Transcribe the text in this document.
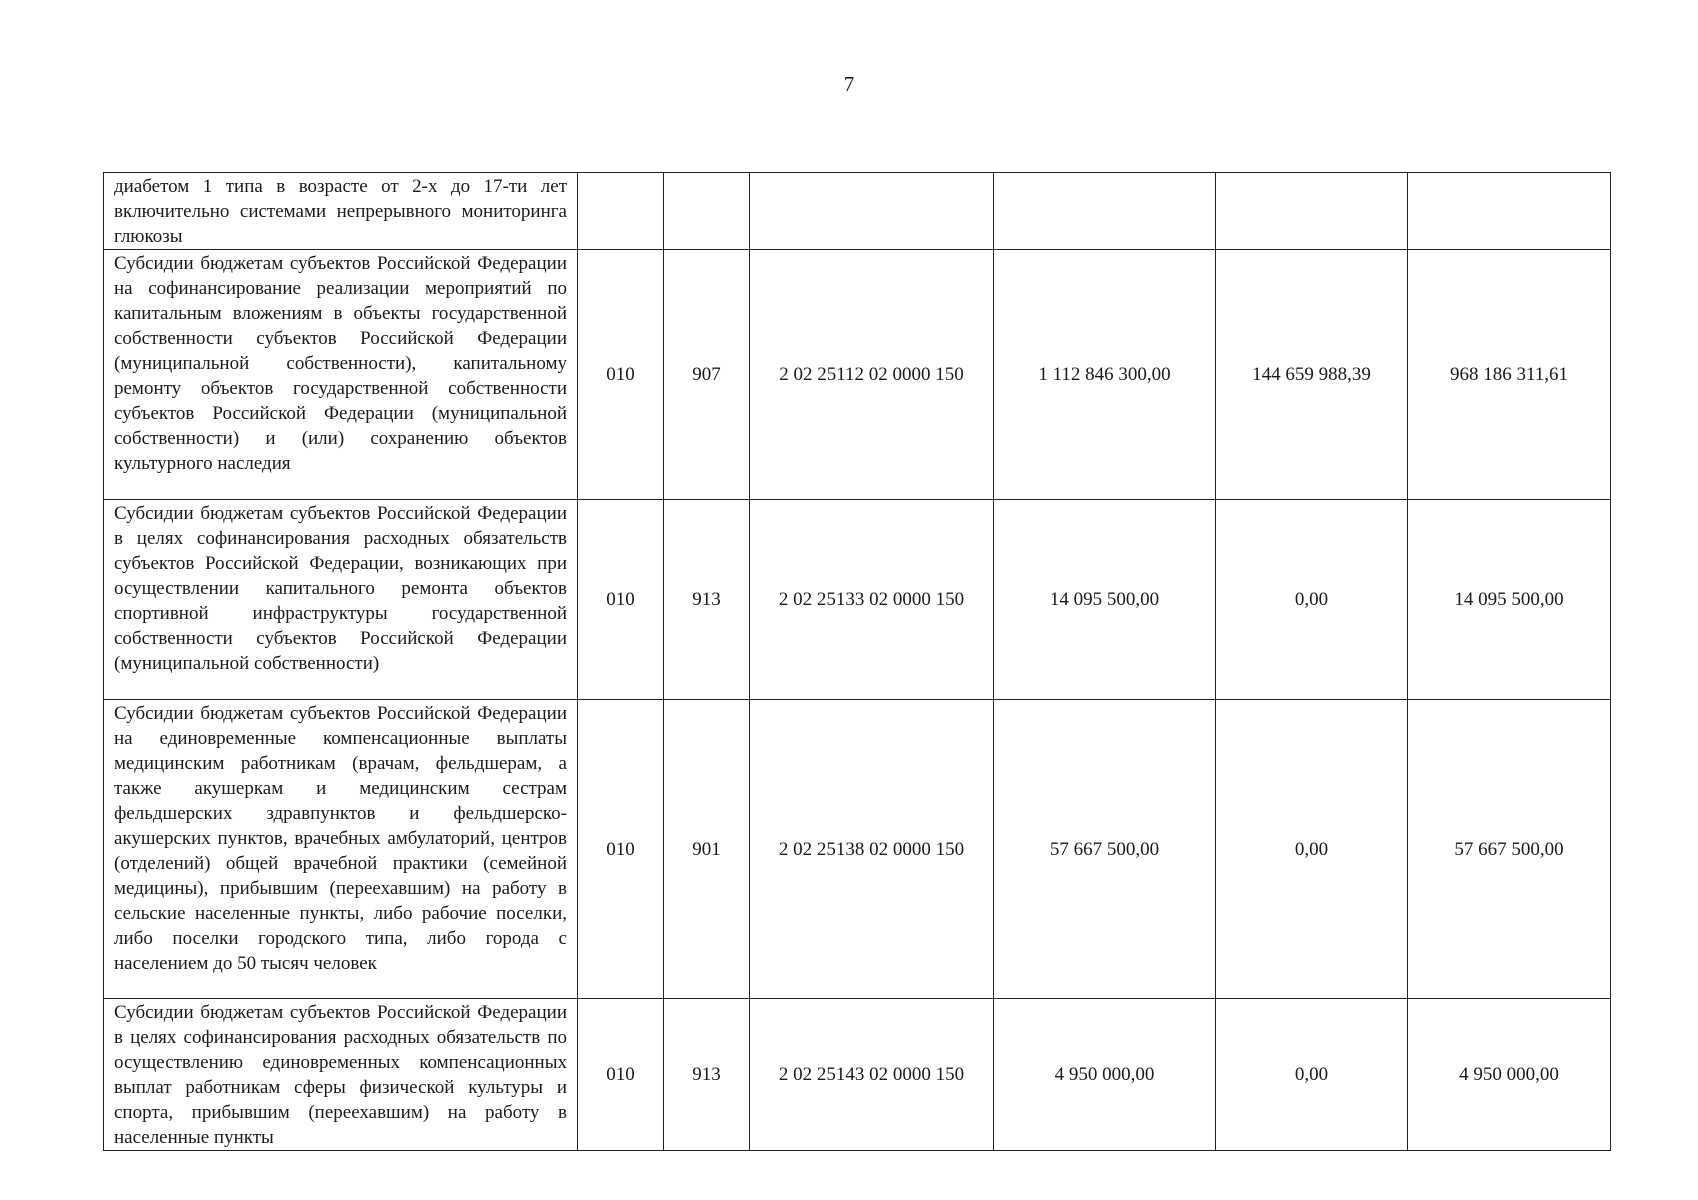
7
диабетом 1 типа в возрасте от 2-х до 17-ти лет включительно системами непрерывного мониторинга глюкозы						
Субсидии бюджетам субъектов Российской Федерации на софинансирование реализации мероприятий по капитальным вложениям в объекты государственной собственности субъектов Российской Федерации (муниципальной собственности), капитальному ремонту объектов государственной собственности субъектов Российской Федерации (муниципальной собственности) и (или) сохранению объектов культурного наследия	010	907	2 02 25112 02 0000 150	1 112 846 300,00	144 659 988,39	968 186 311,61
Субсидии бюджетам субъектов Российской Федерации в целях софинансирования расходных обязательств субъектов Российской Федерации, возникающих при осуществлении капитального ремонта объектов спортивной инфраструктуры государственной собственности субъектов Российской Федерации (муниципальной собственности)	010	913	2 02 25133 02 0000 150	14 095 500,00	0,00	14 095 500,00
Субсидии бюджетам субъектов Российской Федерации на единовременные компенсационные выплаты медицинским работникам (врачам, фельдшерам, а также акушеркам и медицинским сестрам фельдшерских здравпунктов и фельдшерско-акушерских пунктов, врачебных амбулаторий, центров (отделений) общей врачебной практики (семейной медицины), прибывшим (переехавшим) на работу в сельские населенные пункты, либо рабочие поселки, либо поселки городского типа, либо города с населением до 50 тысяч человек	010	901	2 02 25138 02 0000 150	57 667 500,00	0,00	57 667 500,00
Субсидии бюджетам субъектов Российской Федерации в целях софинансирования расходных обязательств по осуществлению единовременных компенсационных выплат работникам сферы физической культуры и спорта, прибывшим (переехавшим) на работу в населенные пункты	010	913	2 02 25143 02 0000 150	4 950 000,00	0,00	4 950 000,00
